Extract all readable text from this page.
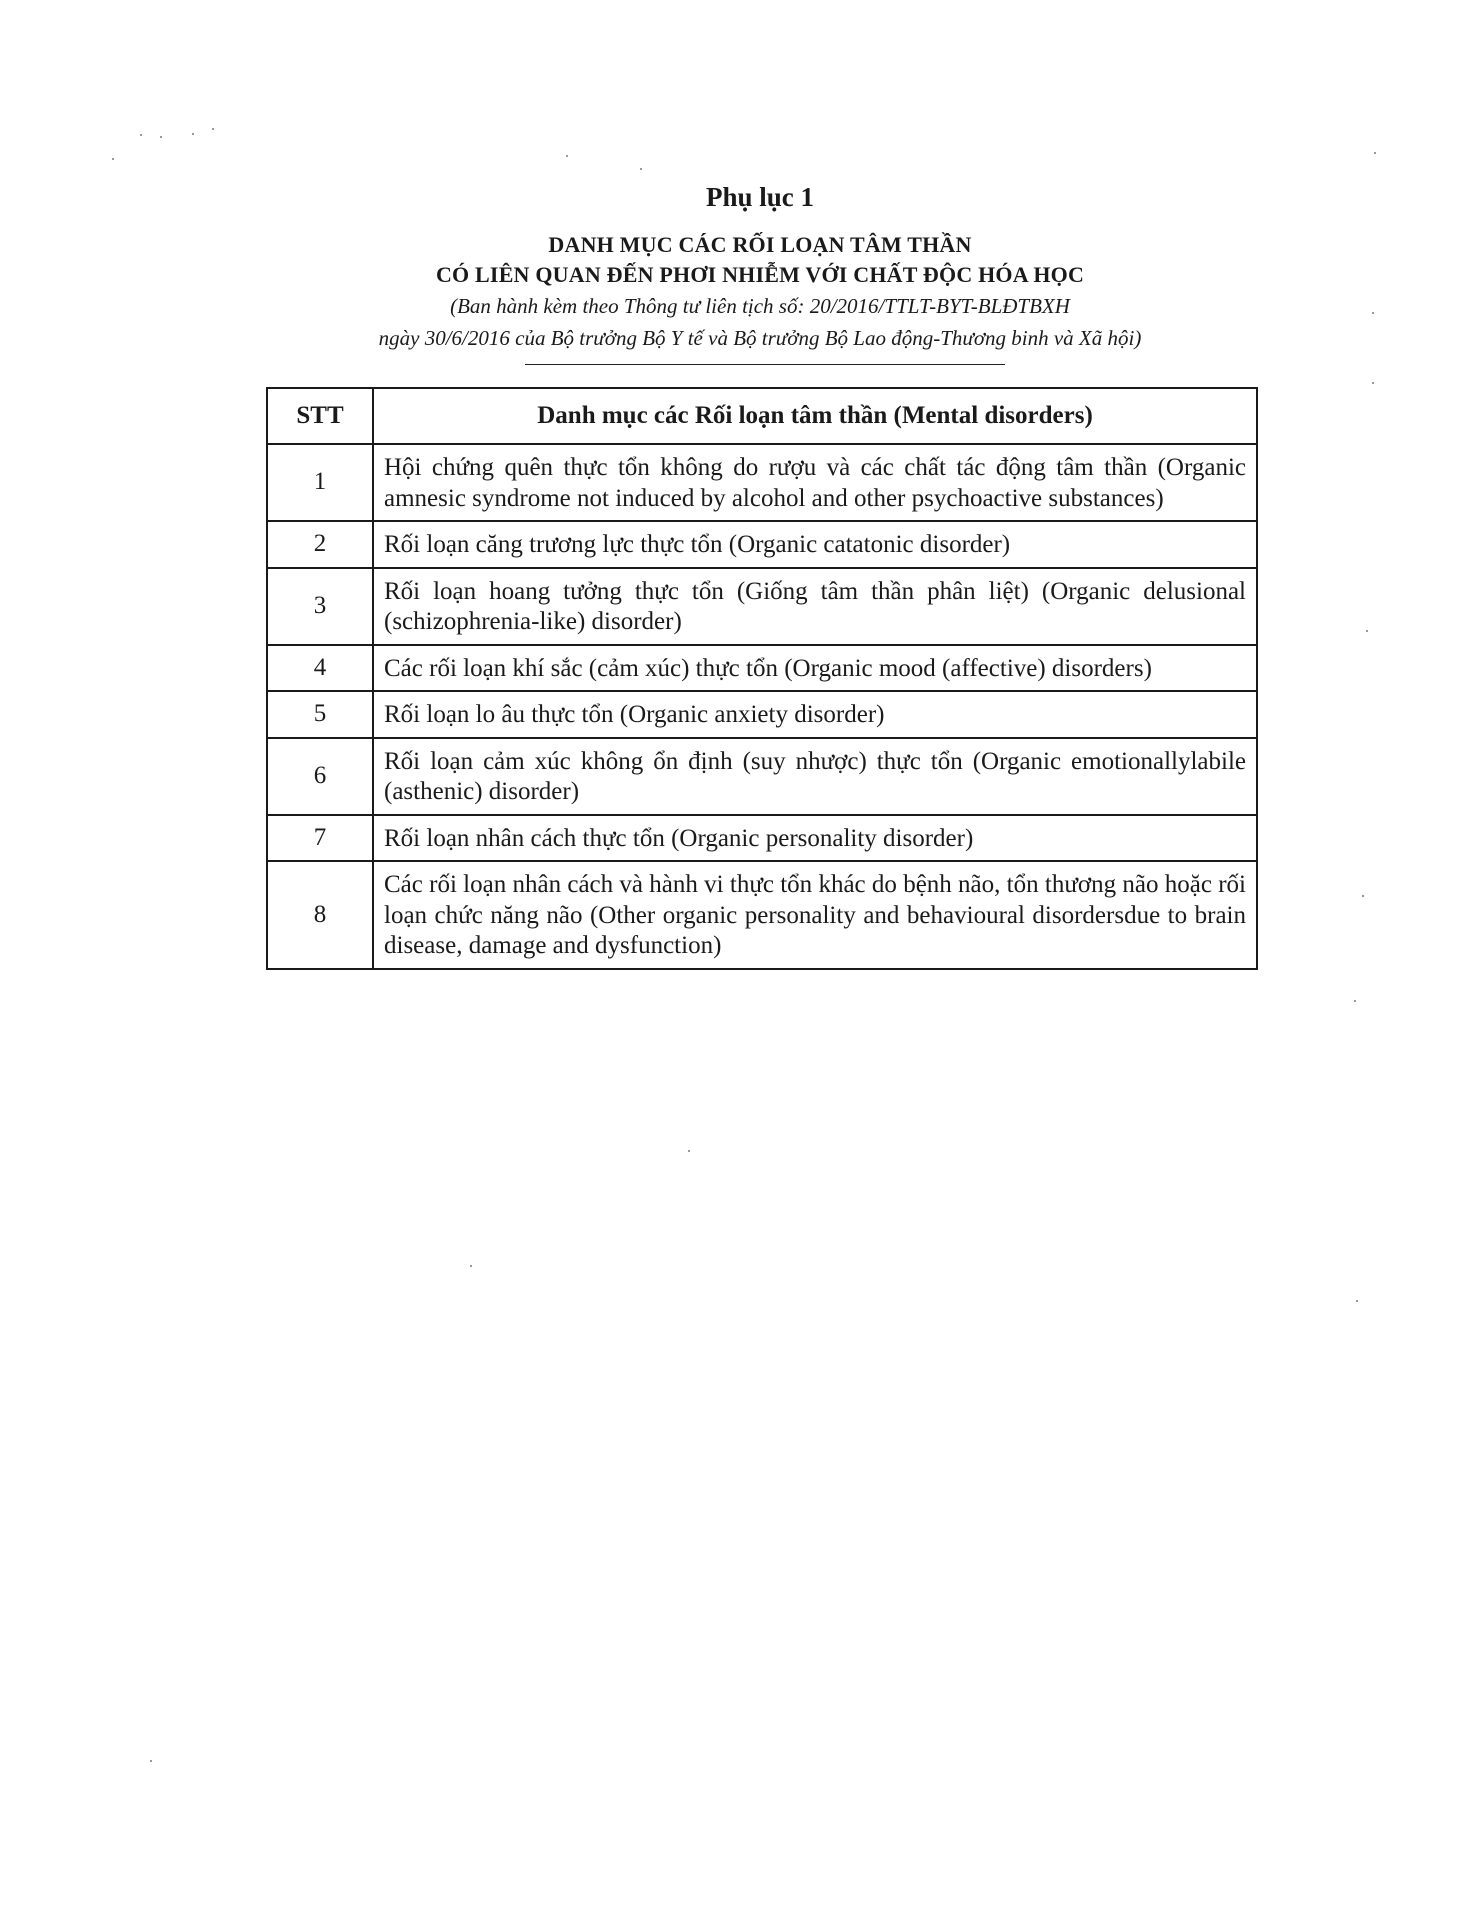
Phụ lục 1
DANH MỤC CÁC RỐI LOẠN TÂM THẦN
CÓ LIÊN QUAN ĐẾN PHƠI NHIỄM VỚI CHẤT ĐỘC HÓA HỌC
(Ban hành kèm theo Thông tư liên tịch số: 20/2016/TTLT-BYT-BLĐTBXH
ngày 30/6/2016 của Bộ trưởng Bộ Y tế và Bộ trưởng Bộ Lao động-Thương binh và Xã hội)
STT	Danh mục các Rối loạn tâm thần (Mental disorders)
1	Hội chứng quên thực tổn không do rượu và các chất tác động tâm thần (Organic amnesic syndrome not induced by alcohol and other psychoactive substances)
2	Rối loạn căng trương lực thực tổn (Organic catatonic disorder)
3	Rối loạn hoang tưởng thực tổn (Giống tâm thần phân liệt) (Organic delusional (schizophrenia-like) disorder)
4	Các rối loạn khí sắc (cảm xúc) thực tổn (Organic mood (affective) disorders)
5	Rối loạn lo âu thực tổn (Organic anxiety disorder)
6	Rối loạn cảm xúc không ổn định (suy nhược) thực tổn (Organic emotionallylabile (asthenic) disorder)
7	Rối loạn nhân cách thực tổn (Organic personality disorder)
8	Các rối loạn nhân cách và hành vi thực tổn khác do bệnh não, tổn thương não hoặc rối loạn chức năng não (Other organic personality and behavioural disordersdue to brain disease, damage and dysfunction)
